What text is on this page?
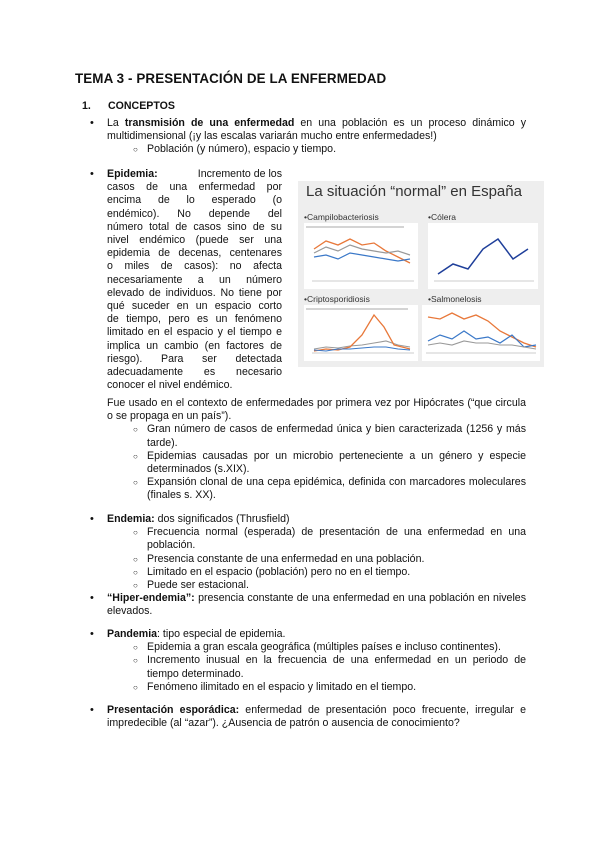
TEMA 3 - PRESENTACIÓN DE LA ENFERMEDAD
1. CONCEPTOS
• La transmisión de una enfermedad en una población es un proceso dinámico y multidimensional (¡y las escalas variarán mucho entre enfermedades!)
○ Población (y número), espacio y tiempo.
• Epidemia:	Incremento de los
casos de una enfermedad por
encima de lo esperado (o
endémico). No depende del
número total de casos sino de su
nivel endémico (puede ser una
epidemia de decenas, centenares
o miles de casos): no afecta
necesariamente a un número
elevado de individuos. No tiene por
qué suceder en un espacio corto
de tiempo, pero es un fenómeno
limitado en el espacio y el tiempo e
implica un cambio (en factores de
riesgo). Para ser detectada
adecuadamente es necesario
conocer el nivel endémico.
La situación “normal” en España
• Campilobacteriosis	• Cólera
• Criptosporidiosis	• Salmonelosis
Fue usado en el contexto de enfermedades por primera vez por Hipócrates (“que circula o se propaga en un país”).
○ Gran número de casos de enfermedad única y bien caracterizada (1256 y más tarde).
○ Epidemias causadas por un microbio perteneciente a un género y especie determinados (s.XIX).
○ Expansión clonal de una cepa epidémica, definida con marcadores moleculares (finales s. XX).
• Endemia: dos significados (Thrusfield)
○ Frecuencia normal (esperada) de presentación de una enfermedad en una población.
○ Presencia constante de una enfermedad en una población.
○ Limitado en el espacio (población) pero no en el tiempo.
○ Puede ser estacional.
• “Hiper-endemia”: presencia constante de una enfermedad en una población en niveles elevados.
• Pandemia: tipo especial de epidemia.
○ Epidemia a gran escala geográfica (múltiples países e incluso continentes).
○ Incremento inusual en la frecuencia de una enfermedad en un periodo de tiempo determinado.
○ Fenómeno ilimitado en el espacio y limitado en el tiempo.
• Presentación esporádica: enfermedad de presentación poco frecuente, irregular e impredecible (al “azar”). ¿Ausencia de patrón o ausencia de conocimiento?
